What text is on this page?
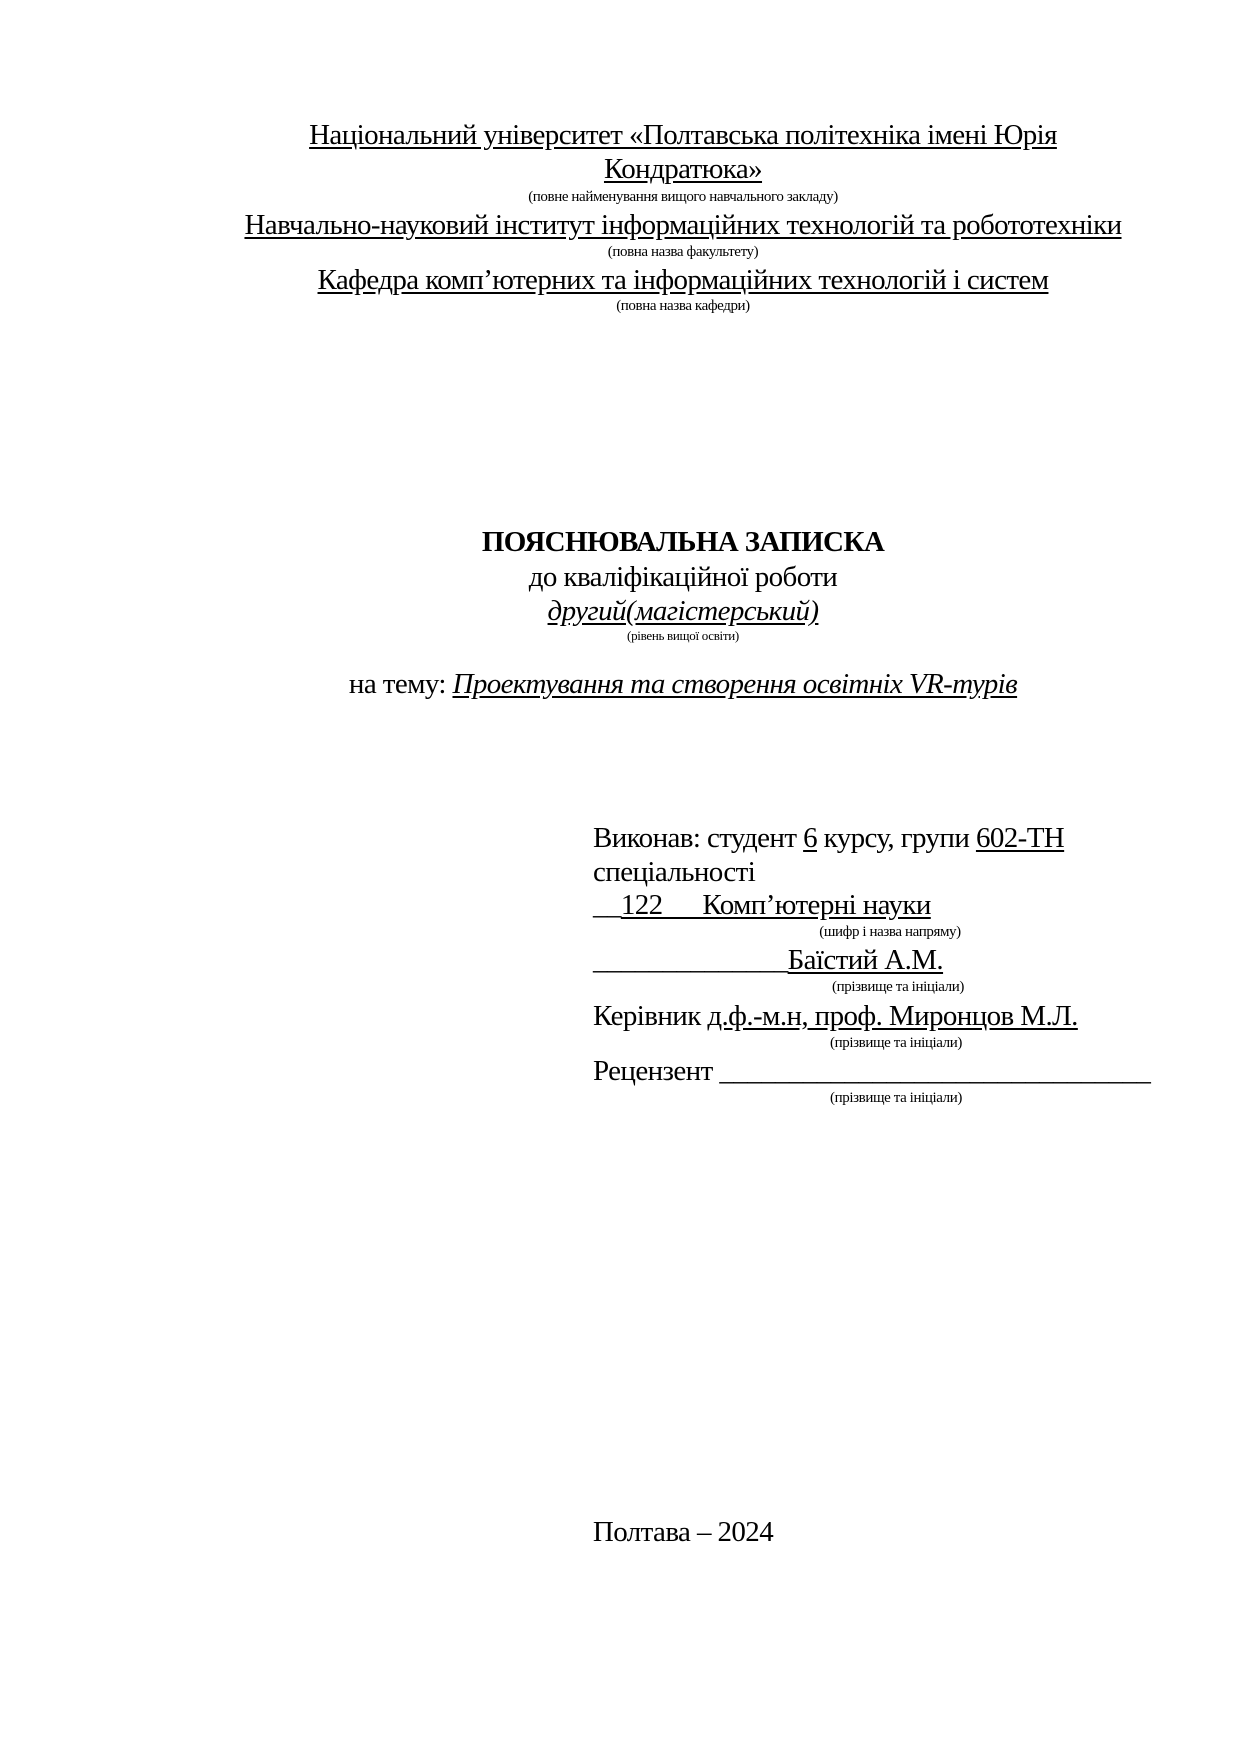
Національний університет «Полтавська політехніка імені Юрія
Кондратюка»
(повне найменування вищого навчального закладу)
Навчально-науковий інститут інформаційних технологій та робототехніки
(повна назва факультету)
Кафедра комп’ютерних та інформаційних технологій і систем
(повна назва кафедри)
ПОЯСНЮВАЛЬНА ЗАПИСКА
до кваліфікаційної роботи
другий(магістерський)
(рівень вищої освіти)
на тему: Проектування та створення освітніх VR-турів
Виконав: студент 6 курсу, групи 602-ТН
спеціальності
__122      Комп’ютерні науки
(шифр і назва напряму)
______________Баїстий А.М.
(прізвище та ініціали)
Керівник д.ф.-м.н, проф. Миронцов М.Л.
(прізвище та ініціали)
Рецензент _______________________________
(прізвище та ініціали)
Полтава – 2024
